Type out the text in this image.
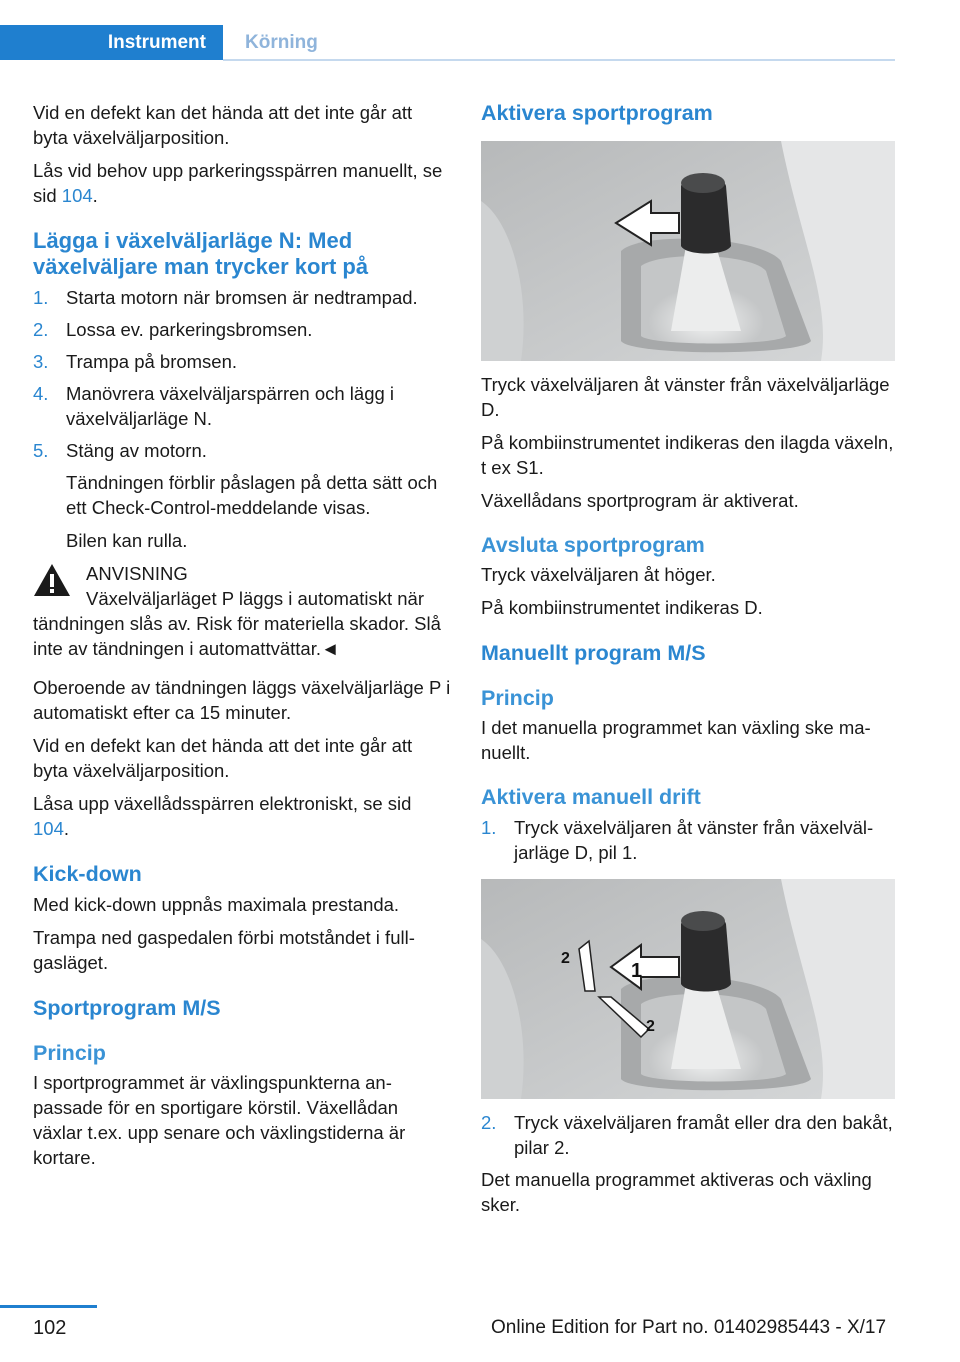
Instrument Körning

Vid en defekt kan det hända att det inte går att byta växelväljarposition.

Lås vid behov upp parkeringsspärren manuellt, se sid 104.

Lägga i växelväljarläge N: Med växelväljare man trycker kort på
1. Starta motorn när bromsen är nedtrampad.
2. Lossa ev. parkeringsbromsen.
3. Trampa på bromsen.
4. Manövrera växelväljarspärren och lägg i växelväljarläge N.
5. Stäng av motorn.
Tändningen förblir påslagen på detta sätt och ett Check-Control-meddelande visas.
Bilen kan rulla.
ANVISNING

Växelväljarläget P läggs i automatiskt när tändningen slås av. Risk för materiella skador. Slå inte av tändningen i automattvättar.◄

Oberoende av tändningen läggs växelväljarläge P i automatiskt efter ca 15 minuter.

Vid en defekt kan det hända att det inte går att byta växelväljarposition.

Låsa upp växellådsspärren elektroniskt, se sid 104.

Kick-down

Med kick-down uppnås maximala prestanda.

Trampa ned gaspedalen förbi motståndet i fullgasläget.

Sportprogram M/S
Princip

I sportprogrammet är växlingspunkterna anpassade för en sportigare körstil. Växellådan växlar t.ex. upp senare och växlingstiderna är kortare.

Aktivera sportprogram

Tryck växelväljaren åt vänster från växelväljarläge D.

På kombiinstrumentet indikeras den ilagda växeln, t ex S1.

Växellådans sportprogram är aktiverat.

Avsluta sportprogram

Tryck växelväljaren åt höger.

På kombiinstrumentet indikeras D.

Manuellt program M/S
Princip

I det manuella programmet kan växling ske manuellt.

Aktivera manuell drift
1. Tryck växelväljaren åt vänster från växelväljarläge D, pil 1.
1
2
2
2. Tryck växelväljaren framåt eller dra den bakåt, pilar 2.

Det manuella programmet aktiveras och växling sker.

102	Online Edition for Part no. 01402985443 - X/17
